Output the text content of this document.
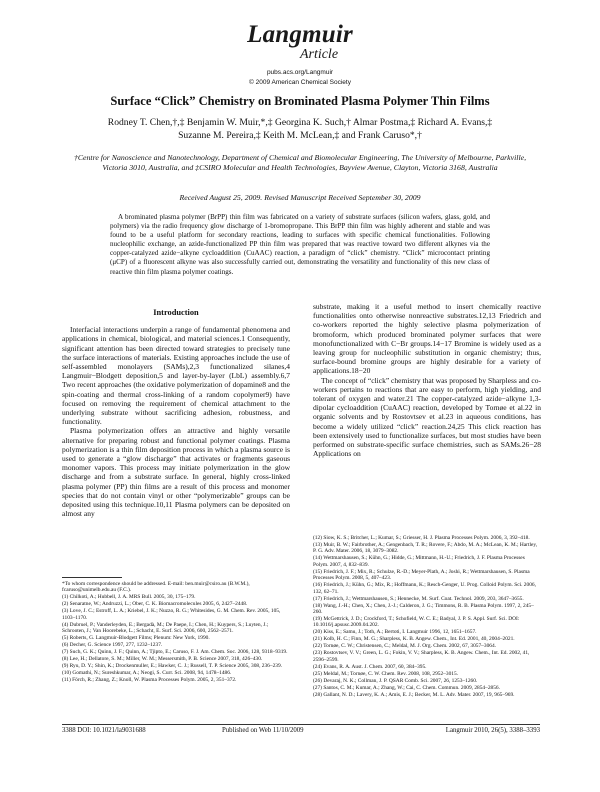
Langmuir
Article
pubs.acs.org/Langmuir
© 2009 American Chemical Society
Surface “Click” Chemistry on Brominated Plasma Polymer Thin Films
Rodney T. Chen,†,‡ Benjamin W. Muir,*,‡ Georgina K. Such,† Almar Postma,‡ Richard A. Evans,‡
Suzanne M. Pereira,‡ Keith M. McLean,‡ and Frank Caruso*,†
†Centre for Nanoscience and Nanotechnology, Department of Chemical and Biomolecular Engineering, The University of Melbourne, Parkville, Victoria 3010, Australia, and ‡CSIRO Molecular and Health Technologies, Bayview Avenue, Clayton, Victoria 3168, Australia
Received August 25, 2009. Revised Manuscript Received September 30, 2009
A brominated plasma polymer (BrPP) thin film was fabricated on a variety of substrate surfaces (silicon wafers, glass, gold, and polymers) via the radio frequency glow discharge of 1-bromopropane. This BrPP thin film was highly adherent and stable and was found to be a useful platform for secondary reactions, leading to surfaces with specific chemical functionalities. Following nucleophilic exchange, an azide-functionalized PP thin film was prepared that was reactive toward two different alkynes via the copper-catalyzed azide−alkyne cycloaddition (CuAAC) reaction, a paradigm of “click” chemistry. “Click” microcontact printing (μCP) of a fluorescent alkyne was also successfully carried out, demonstrating the versatility and functionality of this new class of reactive thin film plasma polymer coatings.
Introduction

Interfacial interactions underpin a range of fundamental phenomena and applications in chemical, biological, and material sciences.1 Consequently, significant attention has been directed toward strategies to precisely tune the surface interactions of materials. Existing approaches include the use of self-assembled monolayers (SAMs),2,3 functionalized silanes,4 Langmuir−Blodgett deposition,5 and layer-by-layer (LbL) assembly.6,7 Two recent approaches (the oxidative polymerization of dopamine8 and the spin-coating and thermal cross-linking of a random copolymer9) have focused on removing the requirement of chemical attachment to the underlying substrate without sacrificing adhesion, robustness, and functionality.

Plasma polymerization offers an attractive and highly versatile alternative for preparing robust and functional polymer coatings. Plasma polymerization is a thin film deposition process in which a plasma source is used to generate a “glow discharge” that activates or fragments gaseous monomer vapors. This process may initiate polymerization in the glow discharge and from a substrate surface. In general, highly cross-linked plasma polymer (PP) thin films are a result of this process and monomer species that do not contain vinyl or other “polymerizable” groups can be deposited using this technique.10,11 Plasma polymers can be deposited on almost any

substrate, making it a useful method to insert chemically reactive functionalities onto otherwise nonreactive substrates.12,13 Friedrich and co-workers reported the highly selective plasma polymerization of bromoform, which produced brominated polymer surfaces that were monofunctionalized with C−Br groups.14−17 Bromine is widely used as a leaving group for nucleophilic substitution in organic chemistry; thus, surface-bound bromine groups are highly desirable for a variety of applications.18−20

The concept of “click” chemistry that was proposed by Sharpless and co-workers pertains to reactions that are easy to perform, high yielding, and tolerant of oxygen and water.21 The copper-catalyzed azide−alkyne 1,3-dipolar cycloaddition (CuAAC) reaction, developed by Tornøe et al.22 in organic solvents and by Rostovtsev et al.23 in aqueous conditions, has become a widely utilized “click” reaction.24,25 This click reaction has been extensively used to functionalize surfaces, but most studies have been performed on substrate-specific surface chemistries, such as SAMs.26−28 Applications on

*To whom correspondence should be addressed. E-mail: ben.muir@csiro.au (B.W.M.), fcaruso@unimelb.edu.au (F.C.).
(1) Chilkoti, A.; Hubbell, J. A. MRS Bull. 2005, 30, 175–179.
(2) Senaratne, W.; Andruzzi, L.; Ober, C. K. Biomacromolecules 2005, 6, 2427–2448.
(3) Love, J. C.; Estroff, L. A.; Kriebel, J. K.; Nuzzo, R. G.; Whitesides, G. M. Chem. Rev. 2005, 105, 1103–1170.
(4) Dubruel, P.; Vanderleyden, E.; Bergadà, M.; De Paepe, I.; Chen, H.; Kuypers, S.; Luyten, J.; Schrooten, J.; Van Hoorebeke, L.; Schacht, E. Surf. Sci. 2006, 600, 2562–2571.
(5) Roberts, G. Langmuir-Blodgett Films; Plenum: New York, 1990.
(6) Decher, G. Science 1997, 277, 1232–1237.
(7) Such, G. K.; Quinn, J. F.; Quinn, A.; Tjipto, E.; Caruso, F. J. Am. Chem. Soc. 2006, 128, 9318–9319.
(8) Lee, H.; Dellatore, S. M.; Miller, W. M.; Messersmith, P. B. Science 2007, 318, 426–430.
(9) Ryu, D. Y.; Shin, K.; Drockenmuller, E.; Hawker, C. J.; Russell, T. P. Science 2005, 308, 236–239.
(10) Gomathi, N.; Sureshkumar, A.; Neogi, S. Curr. Sci. 2008, 94, 1478–1486.
(11) Förch, R.; Zhang, Z.; Knoll, W. Plasma Processes Polym. 2005, 2, 351–372.
(12) Siow, K. S.; Britcher, L.; Kumar, S.; Griesser, H. J. Plasma Processes Polym. 2006, 3, 392–418.
(13) Muir, B. W.; Fairbrother, A.; Gengenbach, T. R.; Rovere, F.; Abdo, M. A.; McLean, K. M.; Hartley, P. G. Adv. Mater. 2006, 18, 3079–3082.
(14) Wettmarshausen, S.; Kühn, G.; Hidde, G.; Mittmann, H.-U.; Friedrich, J. F. Plasma Processes Polym. 2007, 4, 832–839.
(15) Friedrich, J. F.; Mix, R.; Schulze, R.-D.; Meyer-Plath, A.; Joshi, R.; Wettmarshausen, S. Plasma Processes Polym. 2008, 5, 407–423.
(16) Friedrich, J.; Kühn, G.; Mix, R.; Hoffmann, K.; Resch-Genger, U. Prog. Colloid Polym. Sci. 2006, 132, 62–71.
(17) Friedrich, J.; Wettmarshausen, S.; Hennecke, M. Surf. Coat. Technol. 2009, 203, 3647–3655.
(18) Wang, J.-H.; Chen, X.; Chen, J.-J.; Calderon, J. G.; Timmons, R. B. Plasma Polym. 1997, 2, 245–260.
(19) McGettrick, J. D.; Crockford, T.; Schofield, W. C. E.; Badyal, J. P. S. Appl. Surf. Sci. DOI: 10.1016/j.apsusc.2009.04.202.
(20) Kiss, E.; Samu, J.; Toth, A.; Bertoti, I. Langmuir 1996, 12, 1651–1657.
(21) Kolb, H. C.; Finn, M. G.; Sharpless, K. B. Angew. Chem., Int. Ed. 2001, 40, 2004–2021.
(22) Tornøe, C. W.; Christensen, C.; Meldal, M. J. Org. Chem. 2002, 67, 3057–3064.
(23) Rostovtsev, V. V.; Green, L. G.; Fokin, V. V.; Sharpless, K. B. Angew. Chem., Int. Ed. 2002, 41, 2596–2599.
(24) Evans, R. A. Aust. J. Chem. 2007, 60, 384–395.
(25) Meldal, M.; Tornøe, C. W. Chem. Rev. 2008, 108, 2952–3015.
(26) Devaraj, N. K.; Collman, J. P. QSAR Comb. Sci. 2007, 26, 1253–1260.
(27) Santos, C. M.; Kumar, A.; Zhang, W.; Cai, C. Chem. Commun. 2009, 2854–2856.
(28) Gallant, N. D.; Lavery, K. A.; Amis, E. J.; Becker, M. L. Adv. Mater. 2007, 19, 965–969.
3388 DOI: 10.1021/la9031688	Published on Web 11/10/2009	Langmuir 2010, 26(5), 3388–3393
